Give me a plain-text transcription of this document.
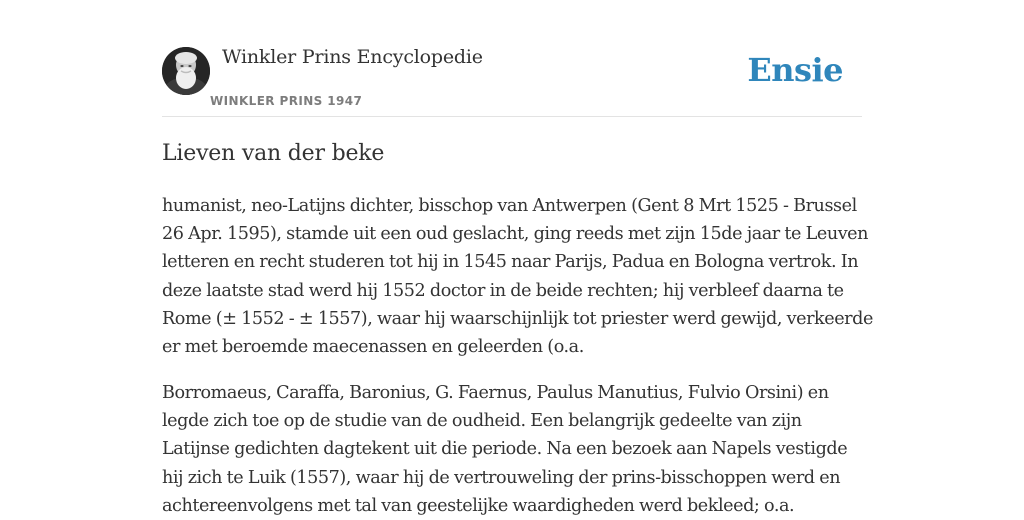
Winkler Prins Encyclopedie
WINKLER PRINS 1947
Ensie
Lieven van der beke

humanist, neo-Latijns dichter, bisschop van Antwerpen (Gent 8 Mrt 1525 - Brussel
26 Apr. 1595), stamde uit een oud geslacht, ging reeds met zijn 15de jaar te Leuven
letteren en recht studeren tot hij in 1545 naar Parijs, Padua en Bologna vertrok. In
deze laatste stad werd hij 1552 doctor in de beide rechten; hij verbleef daarna te
Rome (± 1552 - ± 1557), waar hij waarschijnlijk tot priester werd gewijd, verkeerde
er met beroemde maecenassen en geleerden (o.a.

Borromaeus, Caraffa, Baronius, G. Faernus, Paulus Manutius, Fulvio Orsini) en
legde zich toe op de studie van de oudheid. Een belangrijk gedeelte van zijn
Latijnse gedichten dagtekent uit die periode. Na een bezoek aan Napels vestigde
hij zich te Luik (1557), waar hij de vertrouweling der prins-bisschoppen werd en
achtereenvolgens met tal van geestelijke waardigheden werd bekleed; o.a.
